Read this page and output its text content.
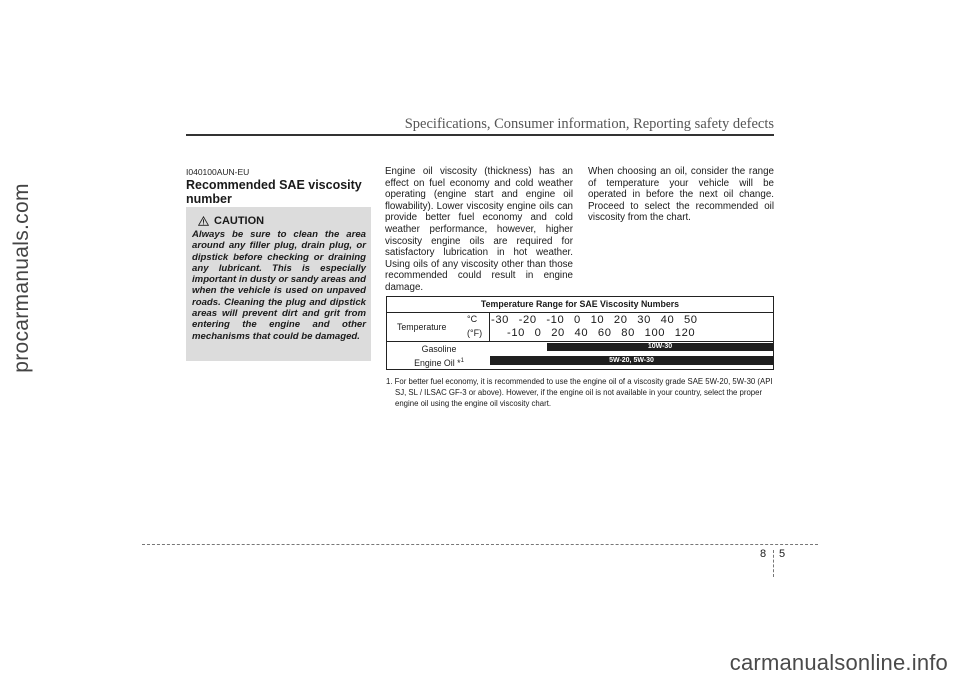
procarmanuals.com
Specifications, Consumer information, Reporting safety defects
I040100AUN-EU
Recommended SAE viscosity
number
CAUTION
Always be sure to clean the area around any filler plug, drain plug, or dipstick before checking or draining any lubricant. This is especially important in dusty or sandy areas and when the vehicle is used on unpaved roads. Cleaning the plug and dipstick areas will prevent dirt and grit from entering the engine and other mechanisms that could be damaged.
Engine oil viscosity (thickness) has an effect on fuel economy and cold weather operating (engine start and engine oil flowability). Lower viscosity engine oils can provide better fuel economy and cold weather performance, however, higher viscosity engine oils are required for satisfactory lubrication in hot weather. Using oils of any viscosity other than those recommended could result in engine damage.
When choosing an oil, consider the range of temperature your vehicle will be operated in before the next oil change. Proceed to select the recommended oil viscosity from the chart.
Temperature Range for SAE Viscosity Numbers
Temperature
°C
(°F)
-30 -20 -10 0 10 20 30 40 50
-10 0 20 40 60 80 100 120
Gasoline
Engine Oil *$^1$
10W-30
5W-20, 5W-30
1. For better fuel economy, it is recommended to use the engine oil of a viscosity grade SAE 5W-20, 5W-30 (API SJ, SL / ILSAC GF-3 or above). However, if the engine oil is not available in your country, select the proper engine oil using the engine oil viscosity chart.
8 5
carmanualsonline.info
